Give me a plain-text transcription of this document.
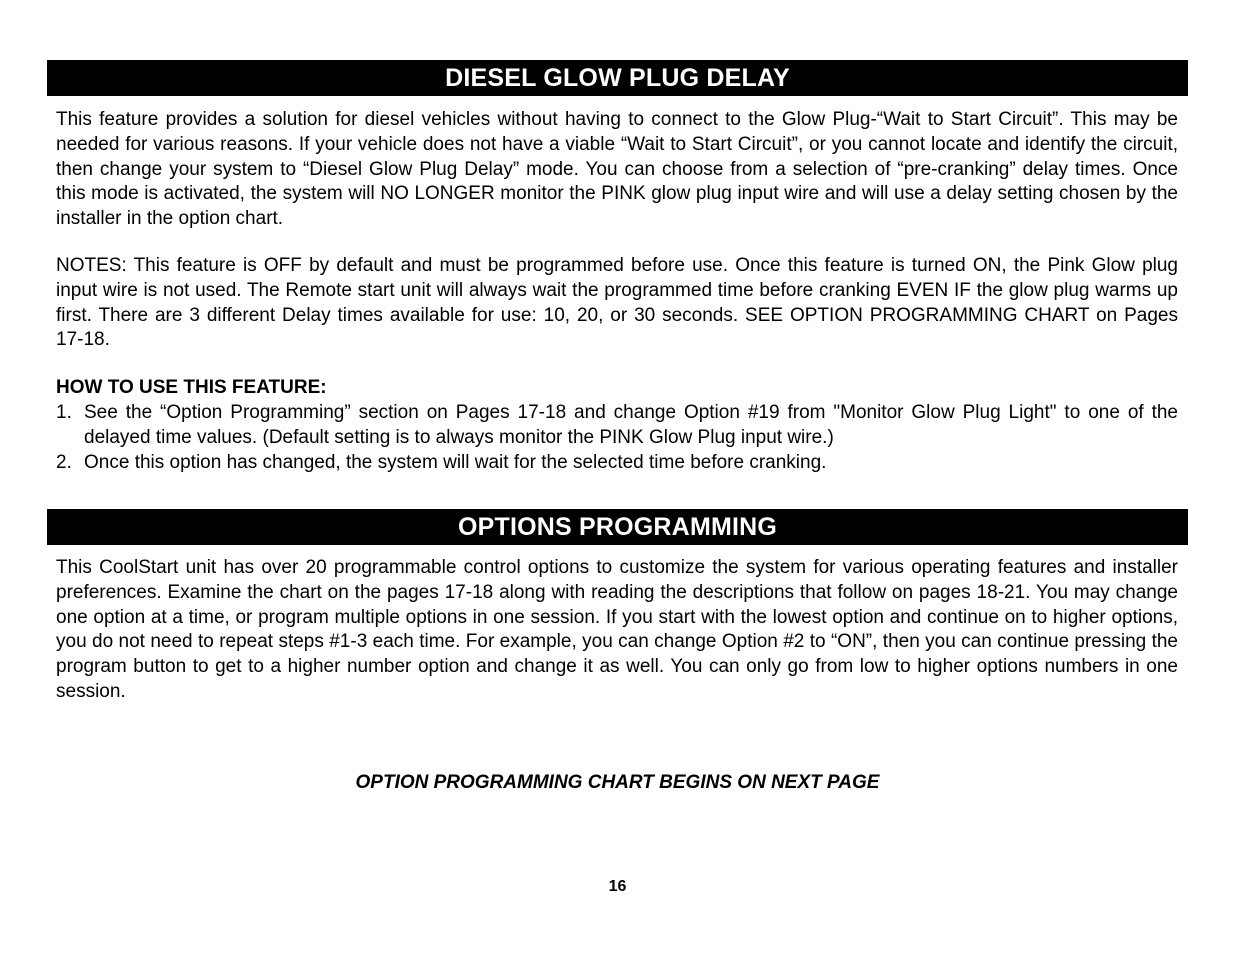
DIESEL GLOW PLUG DELAY
This feature provides a solution for diesel vehicles without having to connect to the Glow Plug-“Wait to Start Circuit”. This may be needed for various reasons. If your vehicle does not have a viable “Wait to Start Circuit”, or you cannot locate and identify the circuit, then change your system to “Diesel Glow Plug Delay” mode. You can choose from a selection of “pre-cranking” delay times. Once this mode is activated, the system will NO LONGER monitor the PINK glow plug input wire and will use a delay setting chosen by the installer in the option chart.
NOTES: This feature is OFF by default and must be programmed before use. Once this feature is turned ON, the Pink Glow plug input wire is not used. The Remote start unit will always wait the programmed time before cranking EVEN IF the glow plug warms up first. There are 3 different Delay times available for use: 10, 20, or 30 seconds. SEE OPTION PROGRAMMING CHART on Pages 17-18.
HOW TO USE THIS FEATURE:
1. See the “Option Programming” section on Pages 17-18 and change Option #19 from "Monitor Glow Plug Light" to one of the delayed time values. (Default setting is to always monitor the PINK Glow Plug input wire.)
2. Once this option has changed, the system will wait for the selected time before cranking.
OPTIONS PROGRAMMING
This CoolStart unit has over 20 programmable control options to customize the system for various operating features and installer preferences. Examine the chart on the pages 17-18 along with reading the descriptions that follow on pages 18-21. You may change one option at a time, or program multiple options in one session. If you start with the lowest option and continue on to higher options, you do not need to repeat steps #1-3 each time. For example, you can change Option #2 to “ON”, then you can continue pressing the program button to get to a higher number option and change it as well. You can only go from low to higher options numbers in one session.
OPTION PROGRAMMING CHART BEGINS ON NEXT PAGE
16
